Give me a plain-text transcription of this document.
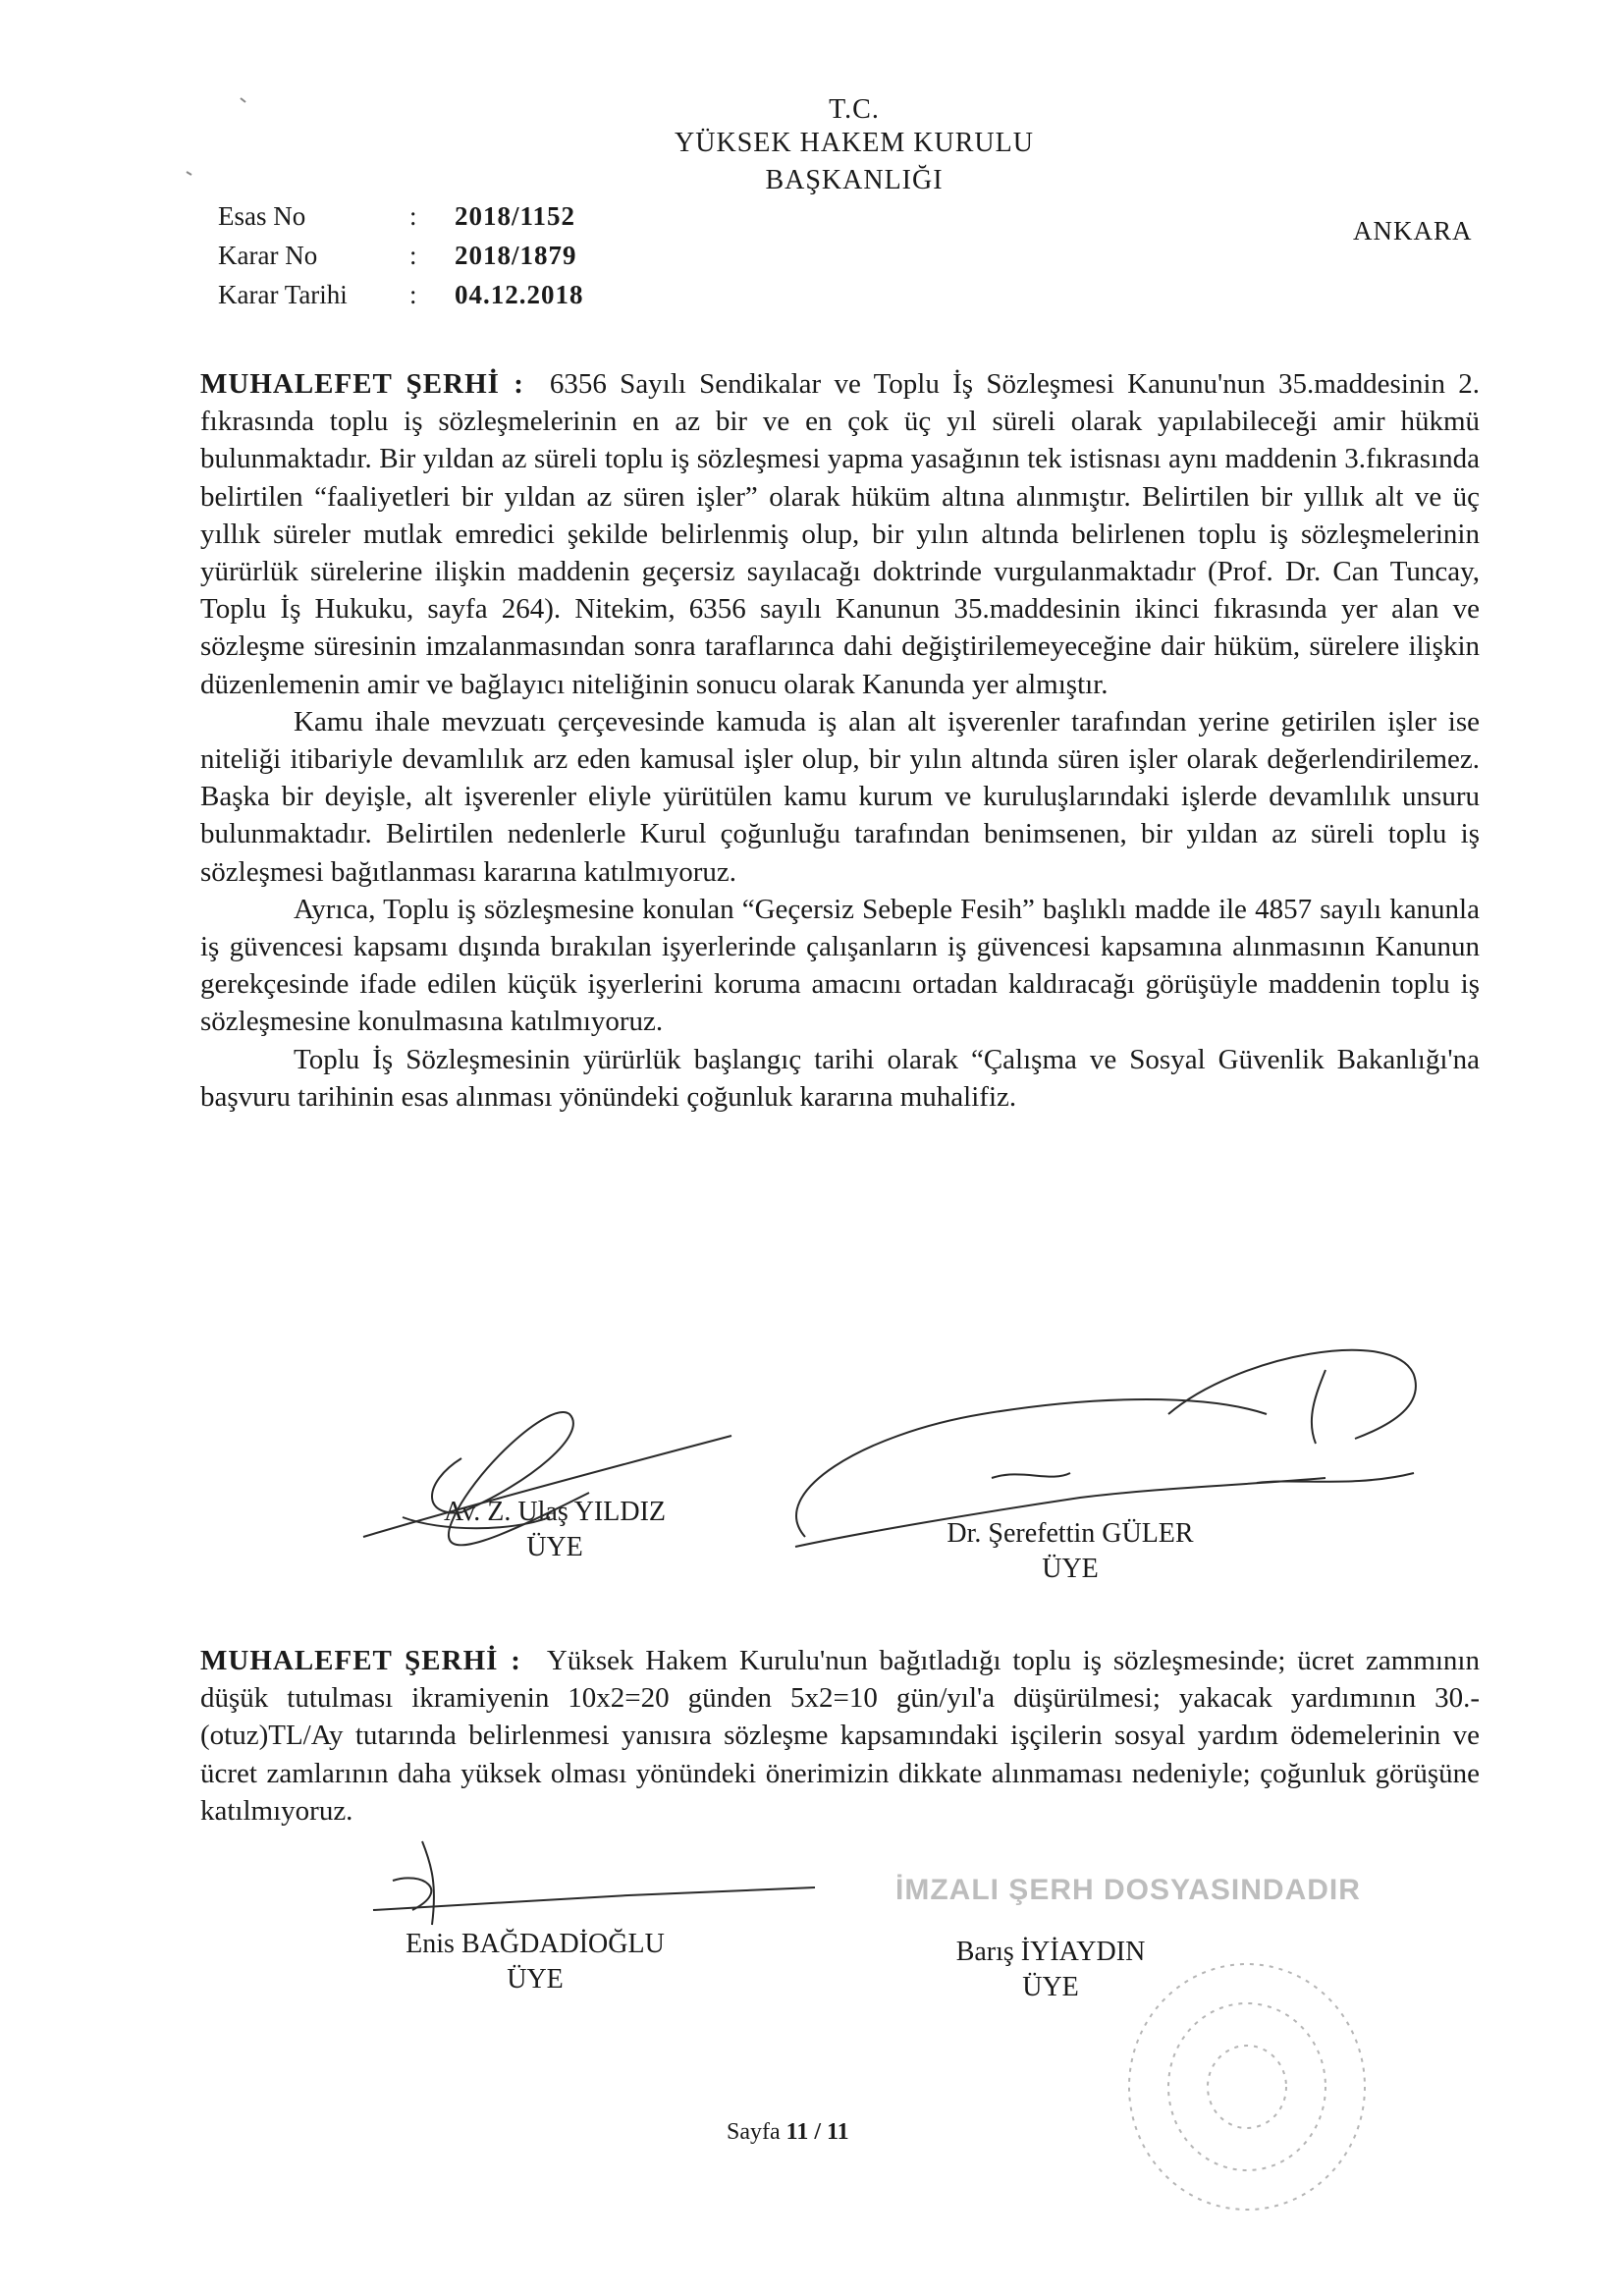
T.C.
YÜKSEK HAKEM KURULU
BAŞKANLIĞI
Esas No	:	2018/1152
Karar No	:	2018/1879
Karar Tarihi	:	04.12.2018
ANKARA

MUHALEFET ŞERHİ : 6356 Sayılı Sendikalar ve Toplu İş Sözleşmesi Kanunu'nun 35.maddesinin 2. fıkrasında toplu iş sözleşmelerinin en az bir ve en çok üç yıl süreli olarak yapılabileceği amir hükmü bulunmaktadır. Bir yıldan az süreli toplu iş sözleşmesi yapma yasağının tek istisnası aynı maddenin 3.fıkrasında belirtilen “faaliyetleri bir yıldan az süren işler” olarak hüküm altına alınmıştır. Belirtilen bir yıllık alt ve üç yıllık süreler mutlak emredici şekilde belirlenmiş olup, bir yılın altında belirlenen toplu iş sözleşmelerinin yürürlük sürelerine ilişkin maddenin geçersiz sayılacağı doktrinde vurgulanmaktadır (Prof. Dr. Can Tuncay, Toplu İş Hukuku, sayfa 264). Nitekim, 6356 sayılı Kanunun 35.maddesinin ikinci fıkrasında yer alan ve sözleşme süresinin imzalanmasından sonra taraflarınca dahi değiştirilemeyeceğine dair hüküm, sürelere ilişkin düzenlemenin amir ve bağlayıcı niteliğinin sonucu olarak Kanunda yer almıştır.

Kamu ihale mevzuatı çerçevesinde kamuda iş alan alt işverenler tarafından yerine getirilen işler ise niteliği itibariyle devamlılık arz eden kamusal işler olup, bir yılın altında süren işler olarak değerlendirilemez. Başka bir deyişle, alt işverenler eliyle yürütülen kamu kurum ve kuruluşlarındaki işlerde devamlılık unsuru bulunmaktadır. Belirtilen nedenlerle Kurul çoğunluğu tarafından benimsenen, bir yıldan az süreli toplu iş sözleşmesi bağıtlanması kararına katılmıyoruz.

Ayrıca, Toplu iş sözleşmesine konulan “Geçersiz Sebeple Fesih” başlıklı madde ile 4857 sayılı kanunla iş güvencesi kapsamı dışında bırakılan işyerlerinde çalışanların iş güvencesi kapsamına alınmasının Kanunun gerekçesinde ifade edilen küçük işyerlerini koruma amacını ortadan kaldıracağı görüşüyle maddenin toplu iş sözleşmesine konulmasına katılmıyoruz.

Toplu İş Sözleşmesinin yürürlük başlangıç tarihi olarak “Çalışma ve Sosyal Güvenlik Bakanlığı'na başvuru tarihinin esas alınması yönündeki çoğunluk kararına muhalifiz.

Av. Z. Ulaş YILDIZ
ÜYE	Dr. Şerefettin GÜLER
ÜYE

MUHALEFET ŞERHİ : Yüksek Hakem Kurulu'nun bağıtladığı toplu iş sözleşmesinde; ücret zammının düşük tutulması ikramiyenin 10x2=20 günden 5x2=10 gün/yıl'a düşürülmesi; yakacak yardımının 30.-(otuz)TL/Ay tutarında belirlenmesi yanısıra sözleşme kapsamındaki işçilerin sosyal yardım ödemelerinin ve ücret zamlarının daha yüksek olması yönündeki önerimizin dikkate alınmaması nedeniyle; çoğunluk görüşüne katılmıyoruz.

İMZALI ŞERH DOSYASINDADIR
Enis BAĞDADİOĞLU
ÜYE
Barış İYİAYDIN
ÜYE
Sayfa 11 / 11
